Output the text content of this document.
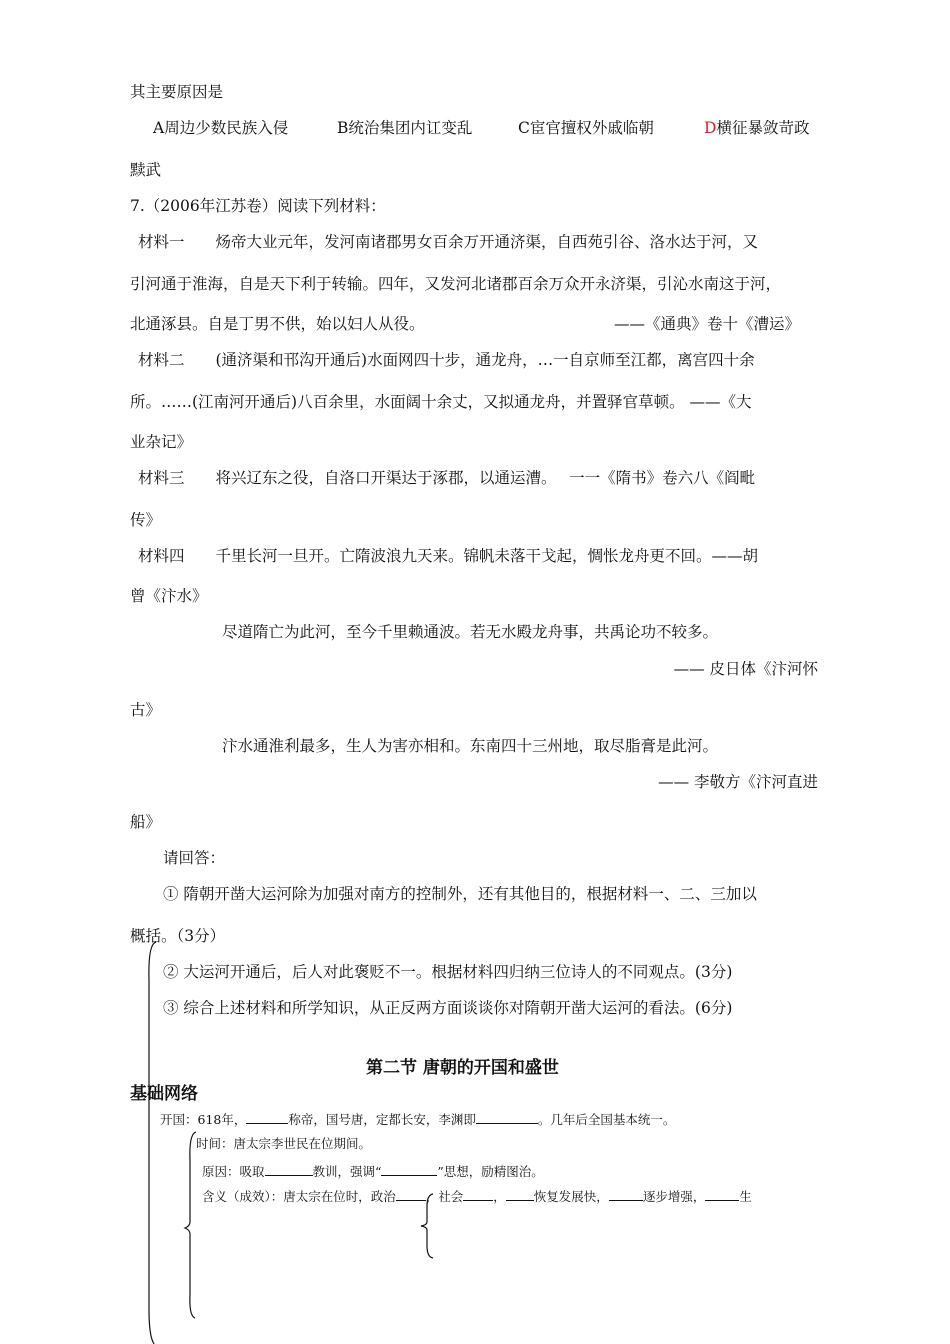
其主要原因是
A周边少数民族入侵	B统治集团内讧变乱	C宦官擅权外戚临朝	D横征暴敛苛政
黩武
7.（2006年江苏卷）阅读下列材料：
材料一　　炀帝大业元年，发河南诸郡男女百余万开通济渠，自西苑引谷、洛水达于河，又
引河通于淮海，自是天下利于转输。四年，又发河北诸郡百余万众开永济渠，引沁水南这于河，
北通涿县。自是丁男不供，始以妇人从役。	——《通典》卷十《漕运》
材料二　　(通济渠和邗沟开通后)水面网四十步，通龙舟，…一自京师至江都，离宫四十余
所。……(江南河开通后)八百余里，水面阔十余丈，又拟通龙舟，并置驿官草顿。 ——《大
业杂记》
材料三　　将兴辽东之役，自洛口开渠达于涿郡，以通运漕。　 一一《隋书》卷六八《阎毗
传》
材料四　　千里长河一旦开。亡隋波浪九天来。锦帆未落干戈起，惆怅龙舟更不回。——胡
曾《汴水》
尽道隋亡为此河，至今千里赖通波。若无水殿龙舟事，共禹论功不较多。
—— 皮日体《汴河怀
古》
汴水通淮利最多，生人为害亦相和。东南四十三州地，取尽脂膏是此河。
—— 李敬方《汴河直进
船》
请回答：
① 隋朝开凿大运河除为加强对南方的控制外，还有其他目的，根据材料一、二、三加以
概括。（3分）
② 大运河开通后，后人对此褒贬不一。根据材料四归纳三位诗人的不同观点。(3分)
③ 综合上述材料和所学知识，从正反两方面谈谈你对隋朝开凿大运河的看法。(6分)
第二节 唐朝的开国和盛世
基础网络
开国：618年，	称帝，国号唐，定都长安，李渊即	。几年后全国基本统一。
时间：唐太宗李世民在位期间。
原因：吸取	教训，强调“	”思想，励精图治。
含义（成效）：唐太宗在位时，政治 ，社会 ， 恢复发展快，	逐步增强，	生
